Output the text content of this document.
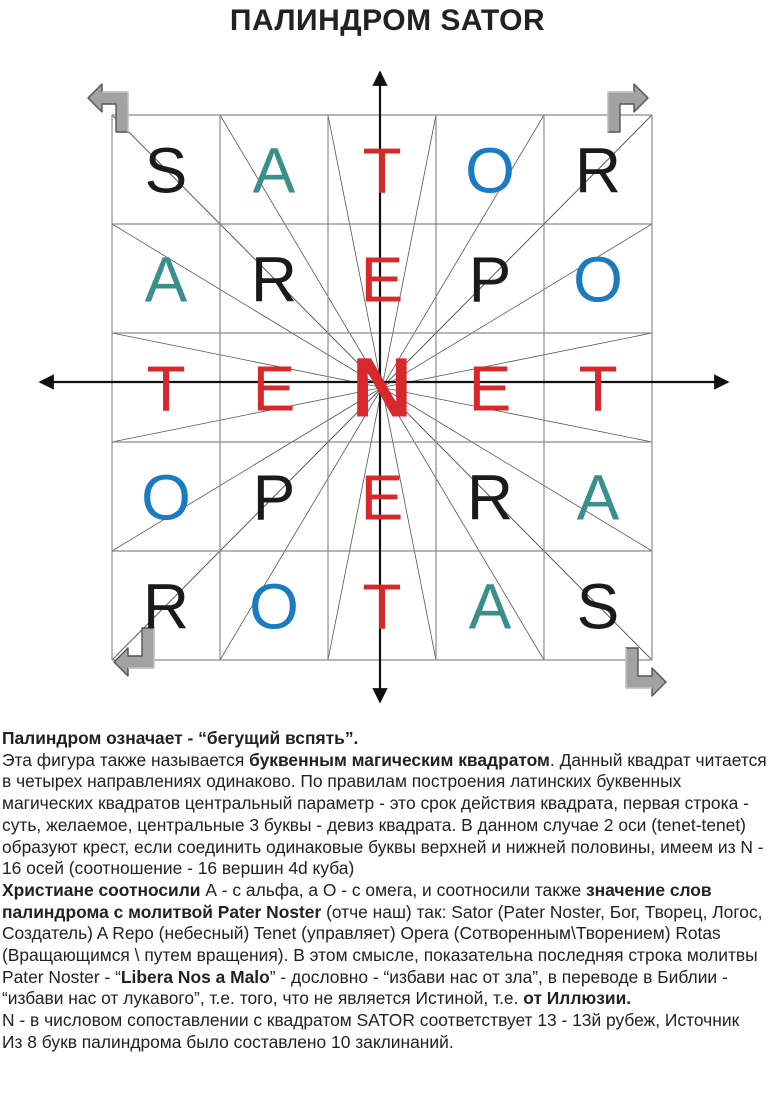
ПАЛИНДРОМ SATOR
S A T O R
A R E P O
T E N E T
O P E R A
R O T A S

Палиндром означает - “бегущий вспять”.

Эта фигура также называется буквенным магическим квадратом. Данный квадрат читается в четырех направлениях одинаково. По правилам построения латинских буквенных магических квадратов центральный параметр - это срок действия квадрата, первая строка - суть, желаемое, центральные 3 буквы - девиз квадрата. В данном случае 2 оси (tenet-tenet) образуют крест, если соединить одинаковые буквы верхней и нижней половины, имеем из N - 16 осей (соотношение - 16 вершин 4d куба)

Христиане соотносили А - с альфа, а О - с омега, и соотносили также значение слов палиндрома с молитвой Pater Noster (отче наш) так: Sator (Pater Noster, Бог, Творец, Логос, Создатель) A Repo (небесный) Tenet (управляет) Opera (Сотворенным\Творением) Rotas (Вращающимся \ путем вращения). В этом смысле, показательна последняя строка молитвы Pater Noster - “Libera Nos a Malo” - дословно - “избави нас от зла”, в переводе в Библии - “избави нас от лукавого”, т.е. того, что не является Истиной, т.е. от Иллюзии.

N - в числовом сопоставлении с квадратом SATOR соответствует 13 - 13й рубеж, Источник

Из 8 букв палиндрома было составлено 10 заклинаний.
